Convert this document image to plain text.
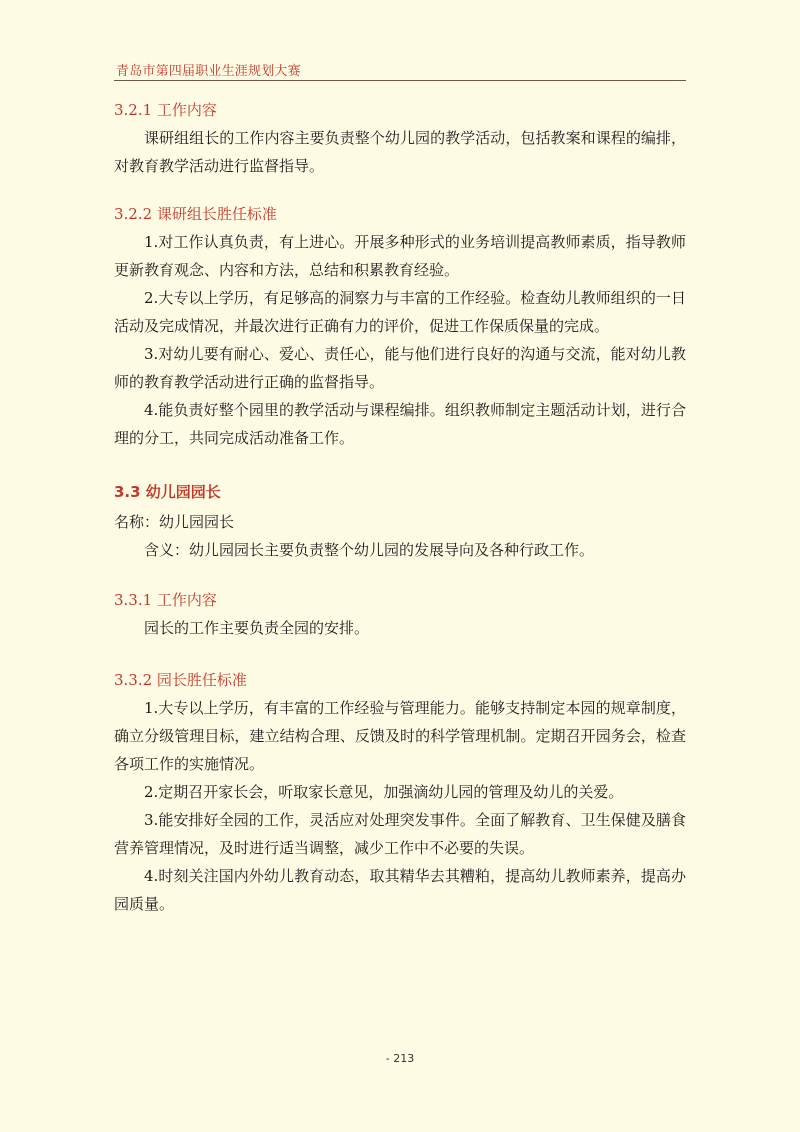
青岛市第四届职业生涯规划大赛

3.2.1 工作内容

课研组组长的工作内容主要负责整个幼儿园的教学活动，包括教案和课程的编排，对教育教学活动进行监督指导。

3.2.2 课研组长胜任标准

1.对工作认真负责，有上进心。开展多种形式的业务培训提高教师素质，指导教师更新教育观念、内容和方法，总结和积累教育经验。

2.大专以上学历，有足够高的洞察力与丰富的工作经验。检查幼儿教师组织的一日活动及完成情况，并最次进行正确有力的评价，促进工作保质保量的完成。

3.对幼儿要有耐心、爱心、责任心，能与他们进行良好的沟通与交流，能对幼儿教师的教育教学活动进行正确的监督指导。

4.能负责好整个园里的教学活动与课程编排。组织教师制定主题活动计划，进行合理的分工，共同完成活动准备工作。

3.3 幼儿园园长

名称：幼儿园园长

含义：幼儿园园长主要负责整个幼儿园的发展导向及各种行政工作。

3.3.1 工作内容

园长的工作主要负责全园的安排。

3.3.2 园长胜任标准

1.大专以上学历，有丰富的工作经验与管理能力。能够支持制定本园的规章制度，确立分级管理目标，建立结构合理、反馈及时的科学管理机制。定期召开园务会，检查各项工作的实施情况。

2.定期召开家长会，听取家长意见，加强滴幼儿园的管理及幼儿的关爱。

3.能安排好全园的工作，灵活应对处理突发事件。全面了解教育、卫生保健及膳食营养管理情况，及时进行适当调整，减少工作中不必要的失误。

4.时刻关注国内外幼儿教育动态，取其精华去其糟粕，提高幼儿教师素养，提高办园质量。

- 213
